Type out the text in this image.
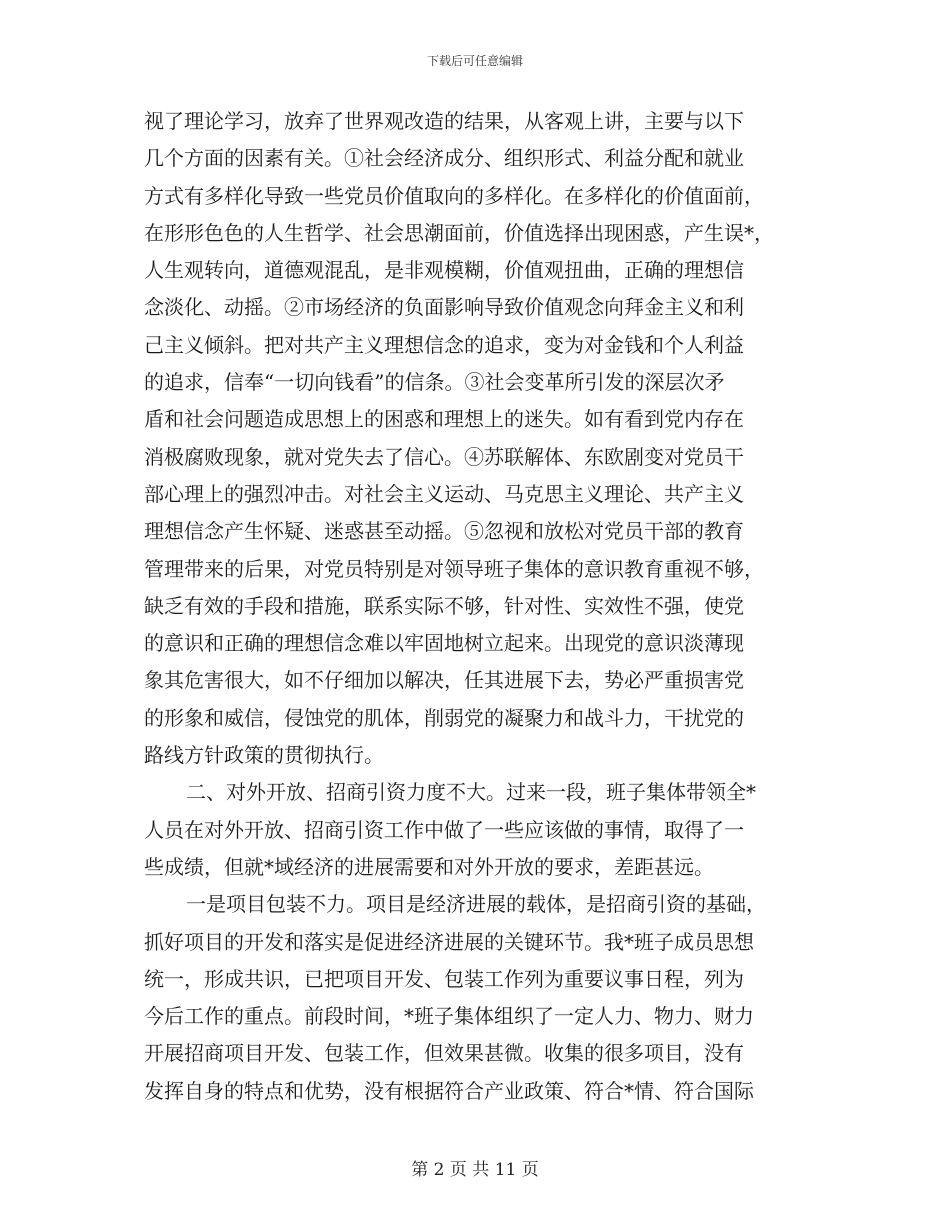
下载后可任意编辑
视了理论学习，放弃了世界观改造的结果，从客观上讲，主要与以下
几个方面的因素有关。①社会经济成分、组织形式、利益分配和就业
方式有多样化导致一些党员价值取向的多样化。在多样化的价值面前，
在形形色色的人生哲学、社会思潮面前，价值选择出现困惑，产生误*，
人生观转向，道德观混乱，是非观模糊，价值观扭曲，正确的理想信
念淡化、动摇。②市场经济的负面影响导致价值观念向拜金主义和利
己主义倾斜。把对共产主义理想信念的追求，变为对金钱和个人利益
的追求，信奉“一切向钱看”的信条。③社会变革所引发的深层次矛
盾和社会问题造成思想上的困惑和理想上的迷失。如有看到党内存在
消极腐败现象，就对党失去了信心。④苏联解体、东欧剧变对党员干
部心理上的强烈冲击。对社会主义运动、马克思主义理论、共产主义
理想信念产生怀疑、迷惑甚至动摇。⑤忽视和放松对党员干部的教育
管理带来的后果，对党员特别是对领导班子集体的意识教育重视不够，
缺乏有效的手段和措施，联系实际不够，针对性、实效性不强，使党
的意识和正确的理想信念难以牢固地树立起来。出现党的意识淡薄现
象其危害很大，如不仔细加以解决，任其进展下去，势必严重损害党
的形象和威信，侵蚀党的肌体，削弱党的凝聚力和战斗力，干扰党的
路线方针政策的贯彻执行。
二、对外开放、招商引资力度不大。过来一段，班子集体带领全*
人员在对外开放、招商引资工作中做了一些应该做的事情，取得了一
些成绩，但就*域经济的进展需要和对外开放的要求，差距甚远。
一是项目包装不力。项目是经济进展的载体，是招商引资的基础，
抓好项目的开发和落实是促进经济进展的关键环节。我*班子成员思想
统一，形成共识，已把项目开发、包装工作列为重要议事日程，列为
今后工作的重点。前段时间，*班子集体组织了一定人力、物力、财力
开展招商项目开发、包装工作，但效果甚微。收集的很多项目，没有
发挥自身的特点和优势，没有根据符合产业政策、符合*情、符合国际
第 2 页 共 11 页
